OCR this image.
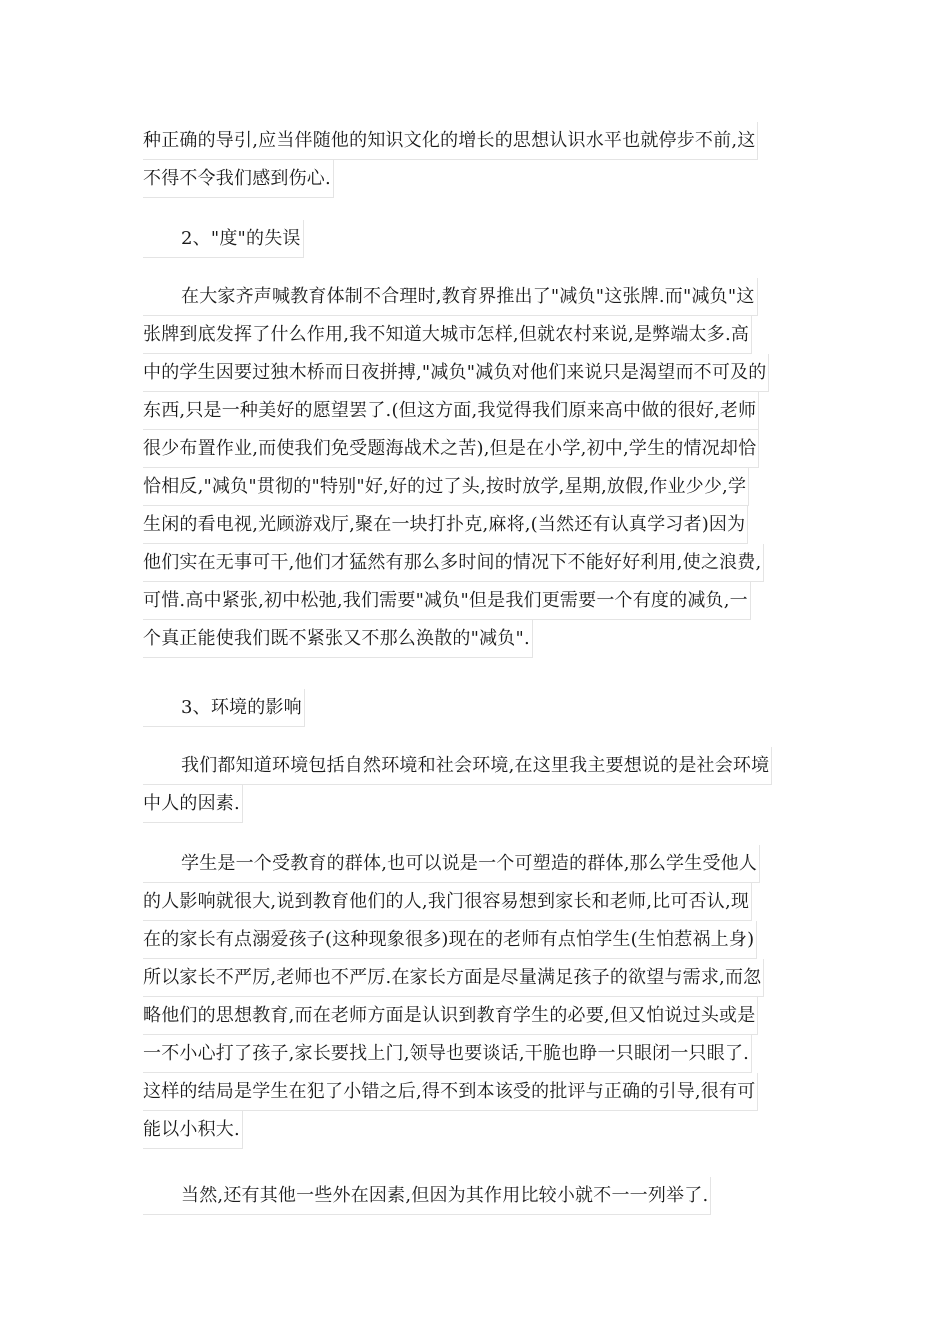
种正确的导引,应当伴随他的知识文化的增长的思想认识水平也就停步不前,这
不得不令我们感到伤心.
2、"度"的失误
在大家齐声喊教育体制不合理时,教育界推出了"减负"这张牌.而"减负"这
张牌到底发挥了什么作用,我不知道大城市怎样,但就农村来说,是弊端太多.高
中的学生因要过独木桥而日夜拼搏,"减负"减负对他们来说只是渴望而不可及的
东西,只是一种美好的愿望罢了.(但这方面,我觉得我们原来高中做的很好,老师
很少布置作业,而使我们免受题海战术之苦),但是在小学,初中,学生的情况却恰
恰相反,"减负"贯彻的"特别"好,好的过了头,按时放学,星期,放假,作业少少,学
生闲的看电视,光顾游戏厅,聚在一块打扑克,麻将,(当然还有认真学习者)因为
他们实在无事可干,他们才猛然有那么多时间的情况下不能好好利用,使之浪费,
可惜.高中紧张,初中松弛,我们需要"减负"但是我们更需要一个有度的减负,一
个真正能使我们既不紧张又不那么涣散的"减负".
3、环境的影响
我们都知道环境包括自然环境和社会环境,在这里我主要想说的是社会环境
中人的因素.
学生是一个受教育的群体,也可以说是一个可塑造的群体,那么学生受他人
的人影响就很大,说到教育他们的人,我门很容易想到家长和老师,比可否认,现
在的家长有点溺爱孩子(这种现象很多)现在的老师有点怕学生(生怕惹祸上身)
所以家长不严厉,老师也不严厉.在家长方面是尽量满足孩子的欲望与需求,而忽
略他们的思想教育,而在老师方面是认识到教育学生的必要,但又怕说过头或是
一不小心打了孩子,家长要找上门,领导也要谈话,干脆也睁一只眼闭一只眼了.
这样的结局是学生在犯了小错之后,得不到本该受的批评与正确的引导,很有可
能以小积大.
当然,还有其他一些外在因素,但因为其作用比较小就不一一列举了.
